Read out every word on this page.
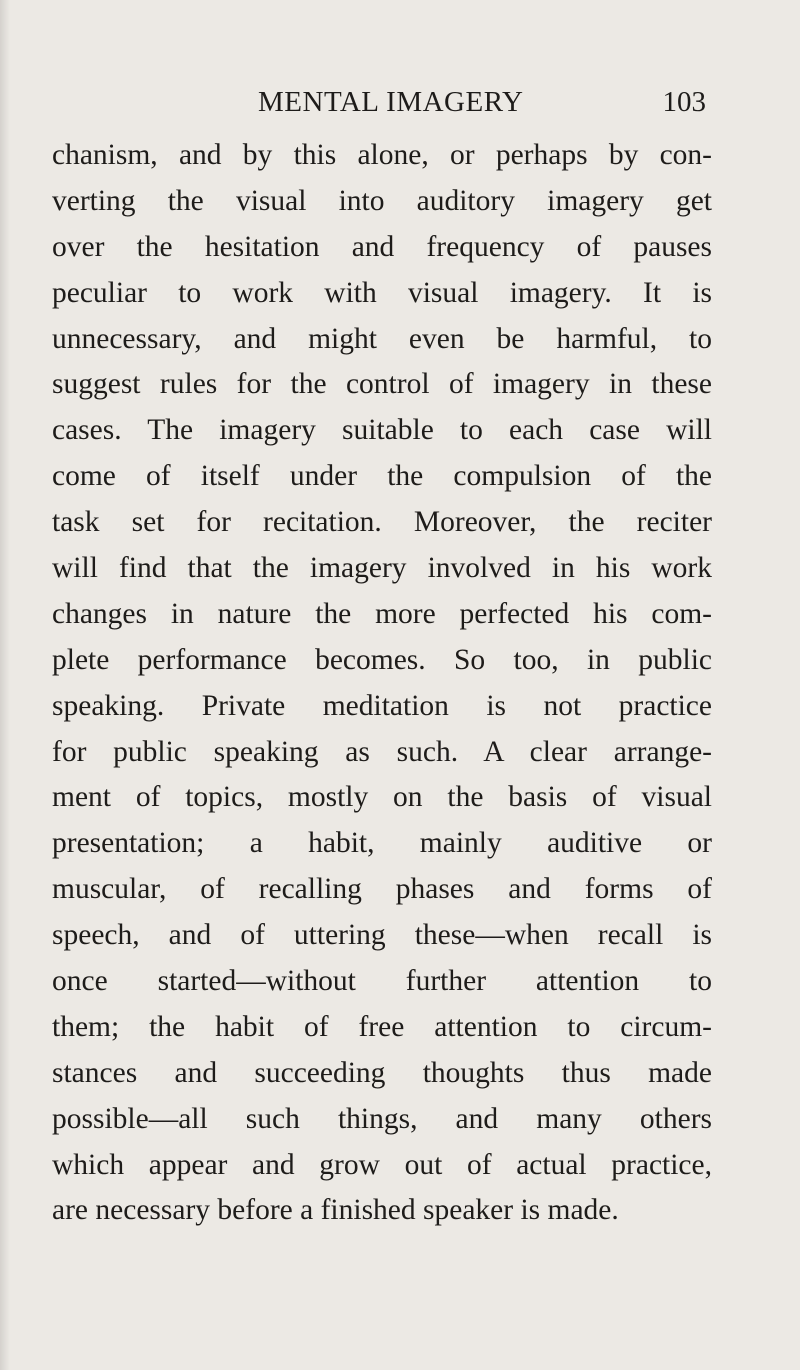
MENTAL IMAGERY	103
chanism, and by this alone, or perhaps by con-
verting the visual into auditory imagery get
over the hesitation and frequency of pauses
peculiar to work with visual imagery. It is
unnecessary, and might even be harmful, to
suggest rules for the control of imagery in these
cases. The imagery suitable to each case will
come of itself under the compulsion of the
task set for recitation. Moreover, the reciter
will find that the imagery involved in his work
changes in nature the more perfected his com-
plete performance becomes. So too, in public
speaking. Private meditation is not practice
for public speaking as such. A clear arrange-
ment of topics, mostly on the basis of visual
presentation; a habit, mainly auditive or
muscular, of recalling phases and forms of
speech, and of uttering these—when recall is
once started—without further attention to
them; the habit of free attention to circum-
stances and succeeding thoughts thus made
possible—all such things, and many others
which appear and grow out of actual practice,
are necessary before a finished speaker is made.
